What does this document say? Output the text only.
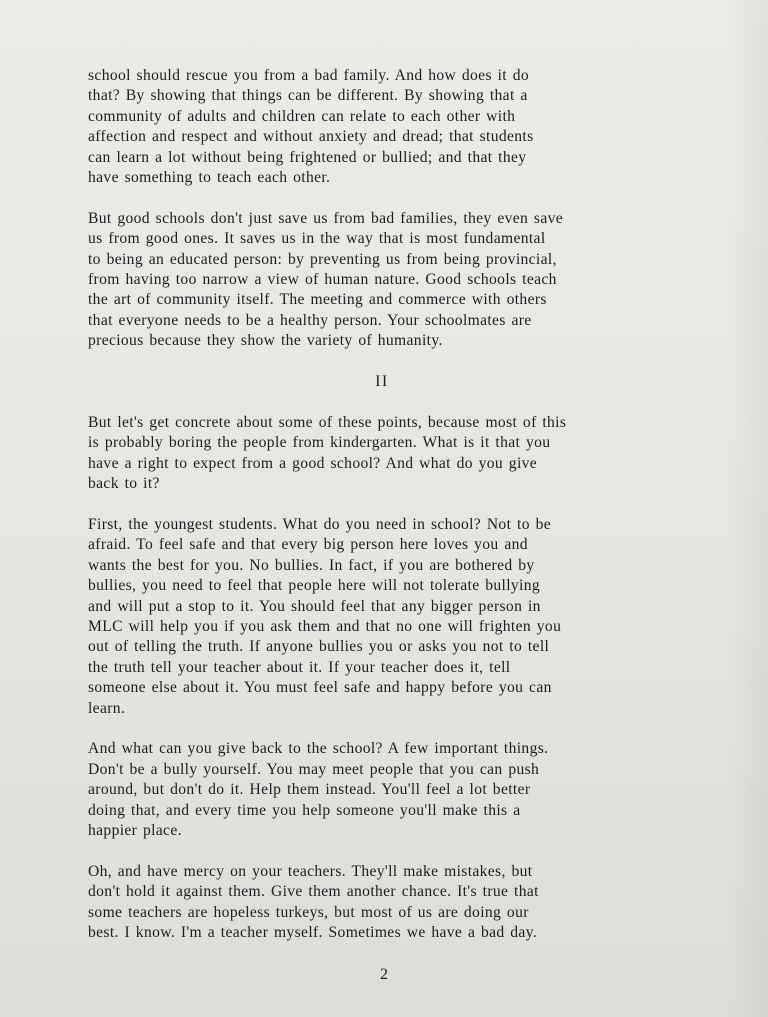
school should rescue you from a bad family. And how does it do
that? By showing that things can be different. By showing that a
community of adults and children can relate to each other with
affection and respect and without anxiety and dread; that students
can learn a lot without being frightened or bullied; and that they
have something to teach each other.

But good schools don't just save us from bad families, they even save
us from good ones. It saves us in the way that is most fundamental
to being an educated person: by preventing us from being provincial,
from having too narrow a view of human nature. Good schools teach
the art of community itself. The meeting and commerce with others
that everyone needs to be a healthy person. Your schoolmates are
precious because they show the variety of humanity.

II

But let's get concrete about some of these points, because most of this
is probably boring the people from kindergarten. What is it that you
have a right to expect from a good school? And what do you give
back to it?

First, the youngest students. What do you need in school? Not to be
afraid. To feel safe and that every big person here loves you and
wants the best for you. No bullies. In fact, if you are bothered by
bullies, you need to feel that people here will not tolerate bullying
and will put a stop to it. You should feel that any bigger person in
MLC will help you if you ask them and that no one will frighten you
out of telling the truth. If anyone bullies you or asks you not to tell
the truth tell your teacher about it. If your teacher does it, tell
someone else about it. You must feel safe and happy before you can
learn.

And what can you give back to the school? A few important things.
Don't be a bully yourself. You may meet people that you can push
around, but don't do it. Help them instead. You'll feel a lot better
doing that, and every time you help someone you'll make this a
happier place.

Oh, and have mercy on your teachers. They'll make mistakes, but
don't hold it against them. Give them another chance. It's true that
some teachers are hopeless turkeys, but most of us are doing our
best. I know. I'm a teacher myself. Sometimes we have a bad day.

2
